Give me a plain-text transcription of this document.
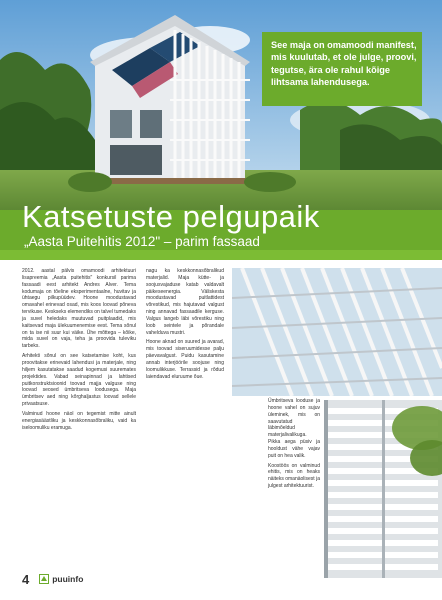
Katsetuste pelgupaik
„Aasta Puitehitis 2012" – parim fassaad
See maja on omamoodi manifest,
mis kuulutab, et ole julge, proovi,
tegutse, ära ole rahul kõige
lihtsama lahendusega.

2012. aastal pälvis omamoodi arhitektuuri lisapreemia „Aasta puitehitis" konkursil parima fassaadi eest arhitekt Andres Alver. Tema kodumaja on tõeline eksperimentaalne, huvitav ja ühtaegu pilkupüüdev. Hoone moodustavad omavahel erinevad osad, mis koos loovad põneva tervikuse. Keskseks elemendiks on talvel tumedaks ja suvel heledaks muutuvad puitplaadid, mis kaitsevad maja ülekuumenemise eest. Tema sõnul on ta ise nii suur kui väike. Ühe mõttega – kõike, mida suvel on vaja, teha ja proovida tuleviku tarbeks.

Arhitekti sõnul on see katsetamise koht, kus proovitakse erinevaid lahendusi ja materjale, ning hiljem kasutatakse saadud kogemusi suuremates projektides. Vabad seinapinnad ja lahtised puitkonstruktsioonid toovad majja valguse ning loovad seosed ümbritseva loodusega. Maja ümbritsev aed ning kõrghaljastus loovad sellele privaatsuse.

Valminud hoone näol on tegemist mitte ainult energiasäästliku ja keskkonnasõbraliku, vaid ka iseloomuliku eramuga.

nagu ka keskkonnasõbralikud materjalid. Maja kütte- ja soojusvajaduse katab valdavalt päikeseenergia. Väliskesta moodustavad puitlattidest võrestikud, mis hajutavad valgust ning annavad fassaadile kerguse. Valgus langeb läbi võrestiku ning loob seintele ja põrandale vahelduva mustri.

Hoone aknad on suured ja avarad, mis toovad siseruumidesse palju päevavalgust. Puidu kasutamine annab interjöörile soojuse ning loomulikkuse. Terrassid ja rõdud laiendavad eluruume õue.

Ümbritseva looduse ja hoone vahel on sujuv üleminek, mis on saavutatud läbimõeldud materjalivalikuga. Pikka aega püsiv ja hooldust vähe vajav puit on hea valik.

Koostöös on valminud ehitis, mis on heaks näiteks omanäolisest ja julgest arhitektuurist.

4	puuinfo
